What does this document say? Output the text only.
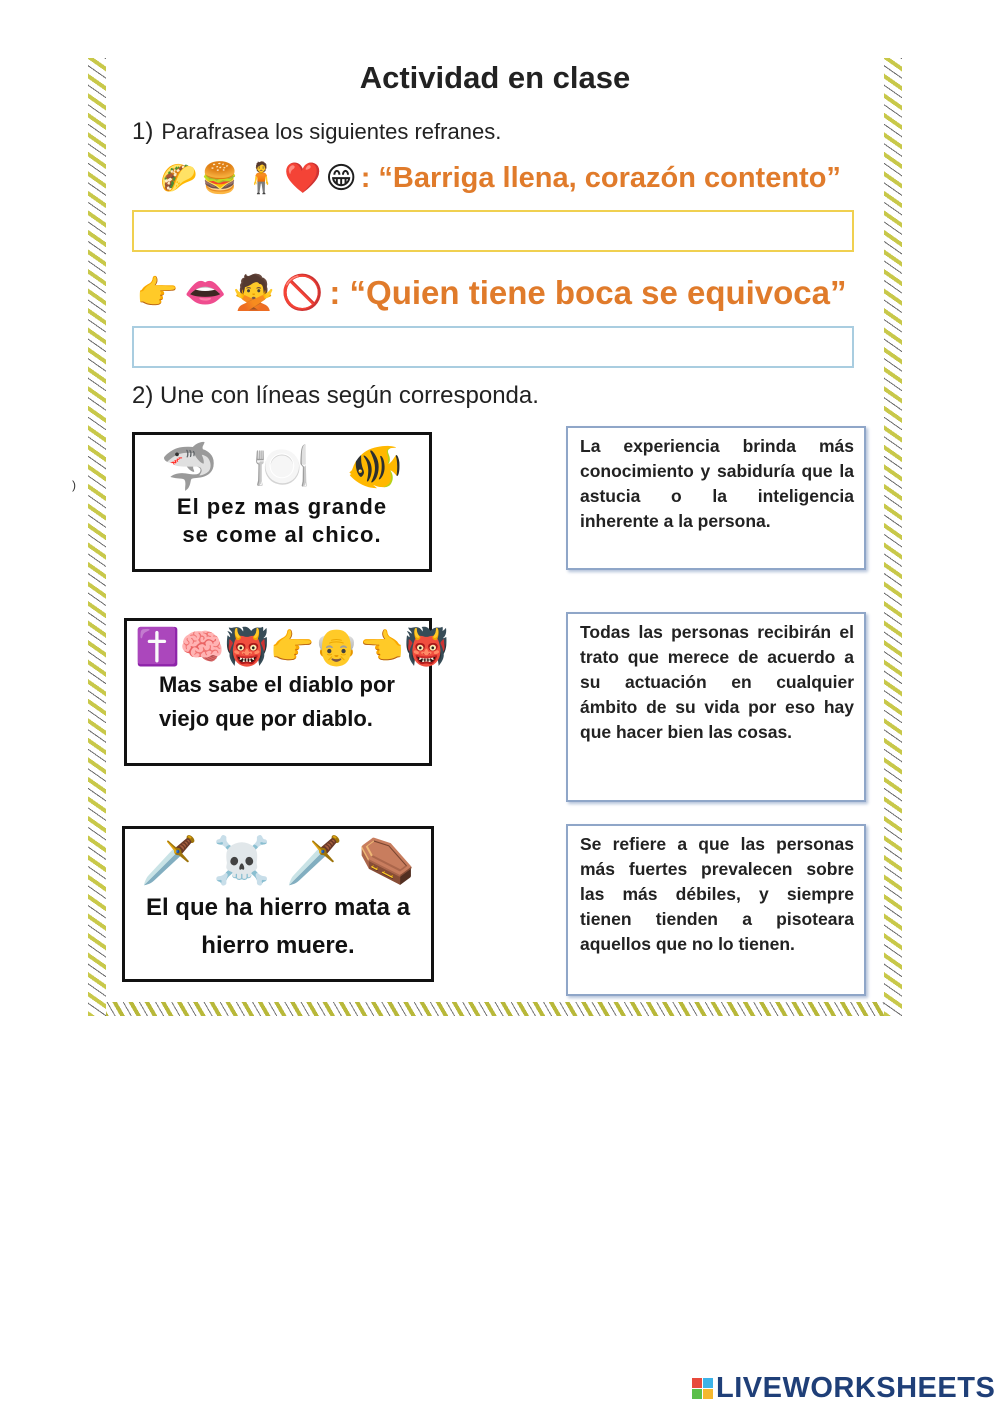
Actividad en clase
1) Parafrasea los siguientes refranes.
🌮 🍔 🧍 ❤️ 😁 : “Barriga llena, corazón contento”
👉 👄 🙅 🚫 : “Quien tiene boca se equivoca”
2) Une con líneas según corresponda.
🦈 🍽️ 🐠
El pez mas grande
se come al chico.
✝️ 🧠 👹 👉 👴 👈 👹
Mas sabe el diablo por
viejo que por diablo.
🗡️ ☠️ 🗡️ ⚰️
El que ha hierro mata a
hierro muere.
La experiencia brinda más conocimiento y sabiduría que la astucia o la inteligencia inherente a la persona.
Todas las personas recibirán el trato que merece de acuerdo a su actuación en cualquier ámbito de su vida por eso hay que hacer bien las cosas.
Se refiere a que las personas más fuertes prevalecen sobre las más débiles, y siempre tienen tienden a pisoteara aquellos que no lo tienen.
)
LIVEWORKSHEETS
